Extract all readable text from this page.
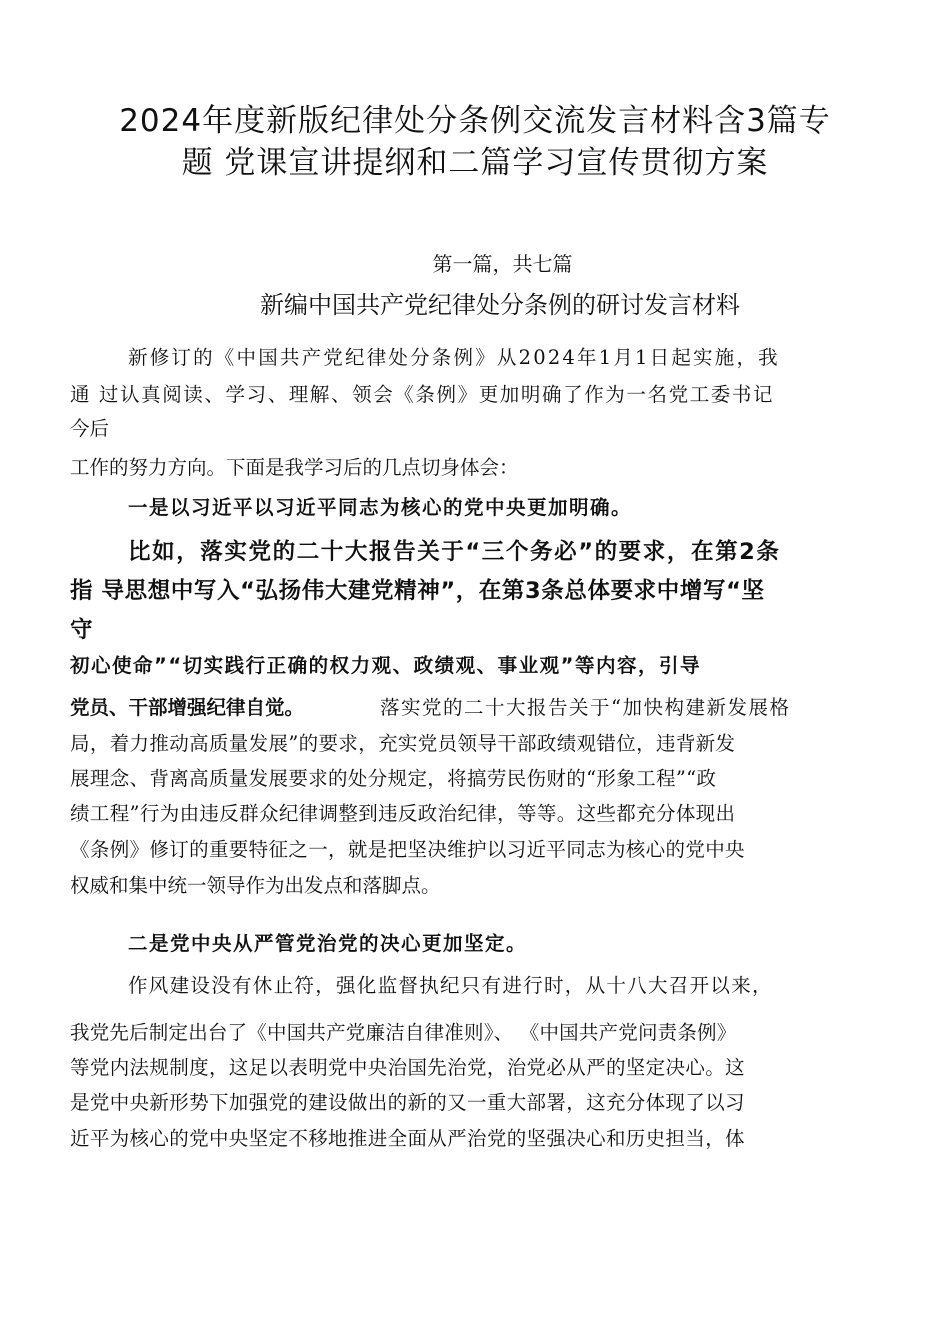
2024年度新版纪律处分条例交流发言材料含3篇专
题 党课宣讲提纲和二篇学习宣传贯彻方案
第一篇，共七篇
新编中国共产党纪律处分条例的研讨发言材料
新修订的《中国共产党纪律处分条例》从2024年1月1日起实施，我
通 过认真阅读、学习、理解、领会《条例》更加明确了作为一名党工委书记
今后
工作的努力方向。下面是我学习后的几点切身体会：
一是以习近平以习近平同志为核心的党中央更加明确。
比如，落实党的二十大报告关于“三个务必”的要求，在第2条
指 导思想中写入“弘扬伟大建党精神”，在第3条总体要求中增写“坚
守
初心使命”“切实践行正确的权力观、政绩观、事业观”等内容，引导
党员、干部增强纪律自觉。	落实党的二十大报告关于“加快构建新发展格
局，着力推动高质量发展”的要求，充实党员领导干部政绩观错位，违背新发
展理念、背离高质量发展要求的处分规定，将搞劳民伤财的“形象工程”“政
绩工程”行为由违反群众纪律调整到违反政治纪律，等等。这些都充分体现出
《条例》修订的重要特征之一，就是把坚决维护以习近平同志为核心的党中央
权威和集中统一领导作为出发点和落脚点。
二是党中央从严管党治党的决心更加坚定。
作风建设没有休止符，强化监督执纪只有进行时，从十八大召开以来，
我党先后制定出台了《中国共产党廉洁自律准则》、 《中国共产党问责条例》
等党内法规制度，这足以表明党中央治国先治党，治党必从严的坚定决心。这
是党中央新形势下加强党的建设做出的新的又一重大部署，这充分体现了以习
近平为核心的党中央坚定不移地推进全面从严治党的坚强决心和历史担当，体
